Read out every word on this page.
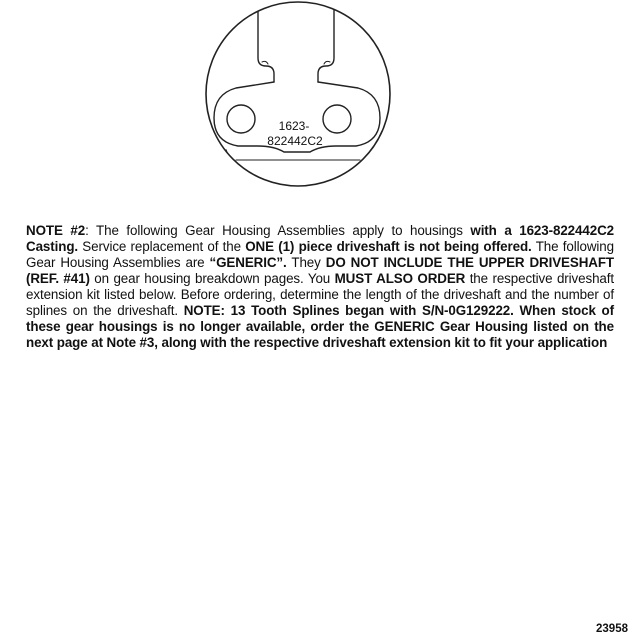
1623-
822442C2
NOTE #2: The following Gear Housing Assemblies apply to housings with a 1623-822442C2 Casting. Service replacement of the ONE (1) piece driveshaft is not being offered. The following Gear Housing Assemblies are “GENERIC”. They DO NOT INCLUDE THE UPPER DRIVESHAFT (REF. #41) on gear housing breakdown pages. You MUST ALSO ORDER the respective driveshaft extension kit listed below. Before ordering, determine the length of the driveshaft and the number of splines on the driveshaft. NOTE: 13 Tooth Splines began with S/N-0G129222. When stock of these gear housings is no longer available, order the GENERIC Gear Housing listed on the next page at Note #3, along with the respective driveshaft extension kit to fit your application
23958
